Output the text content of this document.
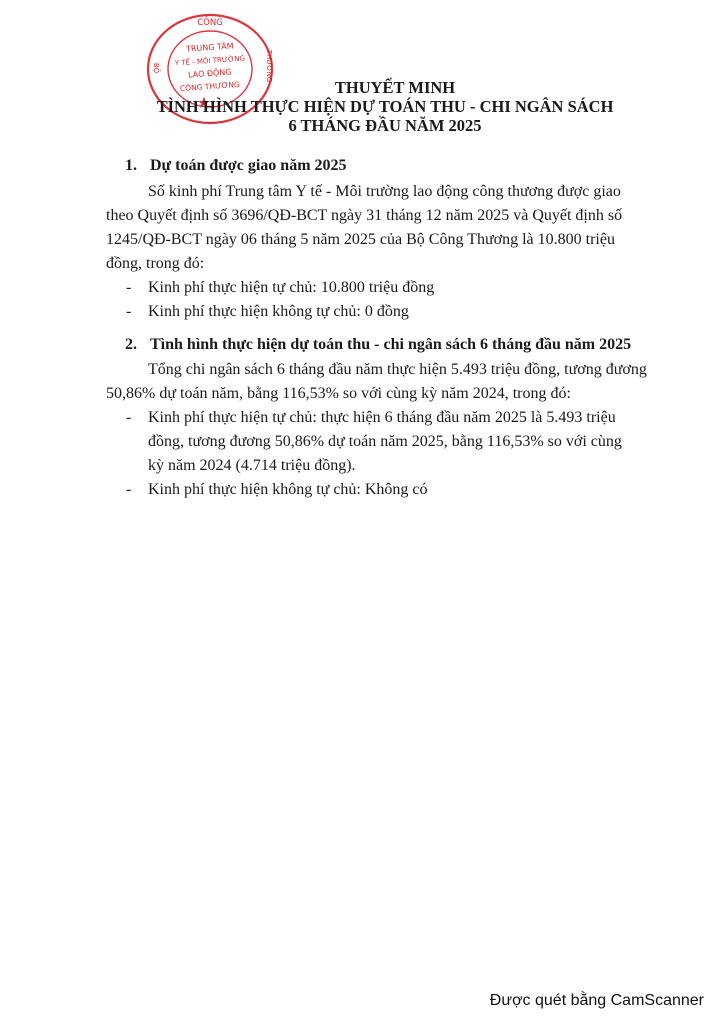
CÔNG
BỘ	THƯƠNG
TRUNG TÂM
Y TẾ - MÔI TRƯỜNG
LAO ĐỘNG
CÔNG THƯƠNG	THUYẾT MINH
TÌNH HÌNH THỰC HIỆN DỰ TOÁN THU - CHI NGÂN SÁCH
6 THÁNG ĐẦU NĂM 2025
1. Dự toán được giao năm 2025
Số kinh phí Trung tâm Y tế - Môi trường lao động công thương được giao
theo Quyết định số 3696/QĐ-BCT ngày 31 tháng 12 năm 2025 và Quyết định số
1245/QĐ-BCT ngày 06 tháng 5 năm 2025 của Bộ Công Thương là 10.800 triệu
đồng, trong đó:
- Kinh phí thực hiện tự chủ: 10.800 triệu đồng
- Kinh phí thực hiện không tự chủ: 0 đồng
2. Tình hình thực hiện dự toán thu - chi ngân sách 6 tháng đầu năm 2025
Tổng chi ngân sách 6 tháng đầu năm thực hiện 5.493 triệu đồng, tương đương
50,86% dự toán năm, bằng 116,53% so với cùng kỳ năm 2024, trong đó:
- Kinh phí thực hiện tự chủ: thực hiện 6 tháng đầu năm 2025 là 5.493 triệu
đồng, tương đương 50,86% dự toán năm 2025, bằng 116,53% so với cùng
kỳ năm 2024 (4.714 triệu đồng).
- Kinh phí thực hiện không tự chủ: Không có
Được quét bằng CamScanner
